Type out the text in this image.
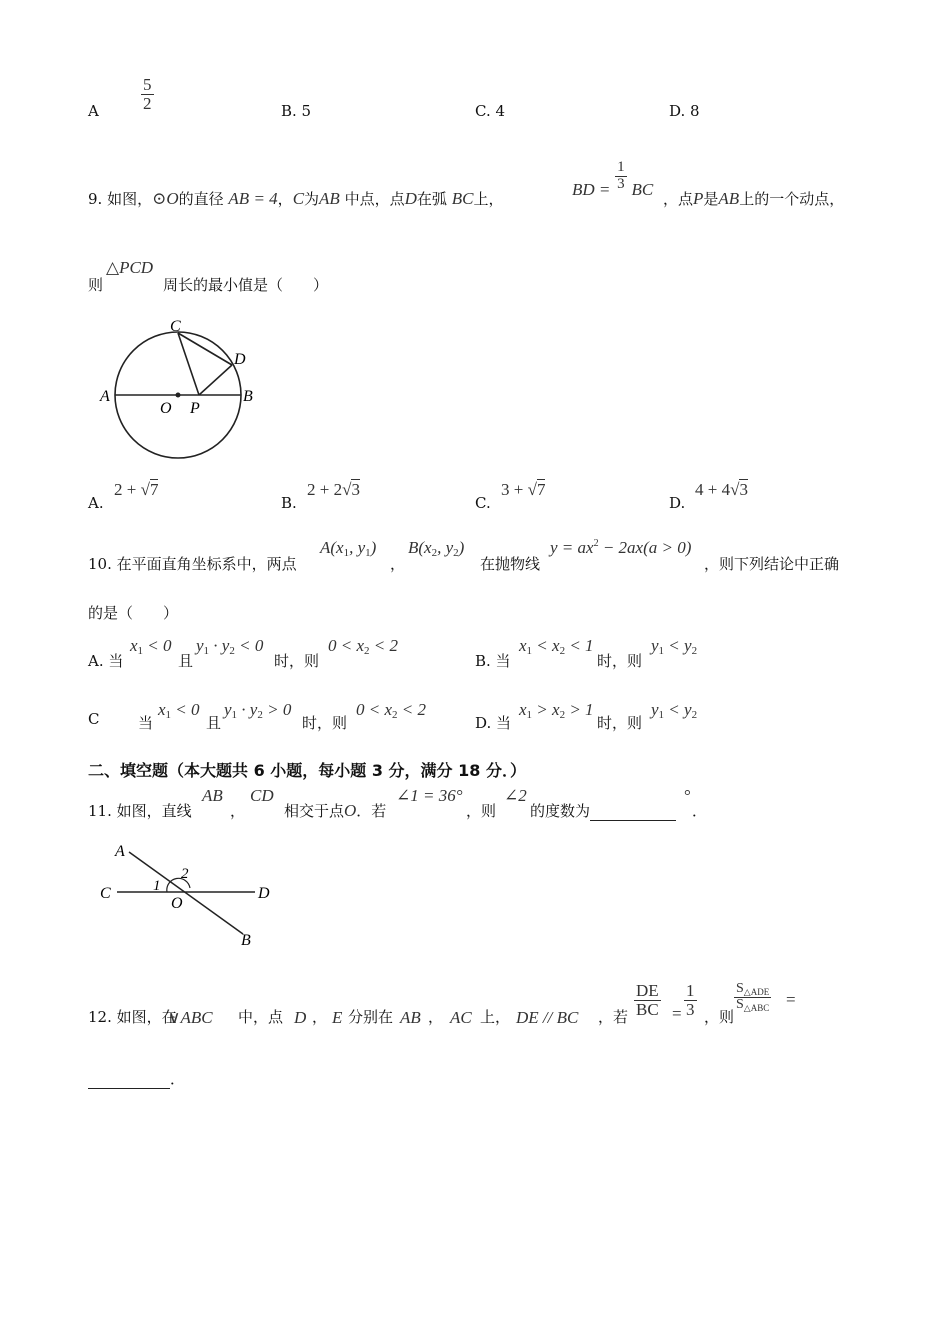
A $\frac{5}{2}$	B. 5	C. 4	D. 8
9. 如图，⊙O的直径 AB = 4，C为AB 中点，点D在弧 BC上，	BD = $\frac{1}{3}$ BC ，点P是AB上的一个动点，
则
△PCD
周长的最小值是（　　）
A	B
C
D
O P
A.
2 + √7
B.
2 + 2√3
C.
3 + √7
D.
4 + 4√3
10. 在平面直角坐标系中，两点
$A(x_1$, $y_1$)
，
$B(x_2$, $y_2$)
在抛物线
$y = ax^2 - 2ax(a > 0)$
，则下列结论中正确
的是（　　）
A. 当
$x_1 < 0$
且
$y_1 \cdot y_2 < 0$
时，则
$0 < x_2 < 2$
B. 当
$x_1 < x_2 < 1$
时，则
$y_1 < y_2$
C	当
$x_1 < 0$
且
$y_1 \cdot y_2 > 0$
时，则
$0 < x_2 < 2$
D. 当
$x_1 > x_2 > 1$
时，则
$y_1 < y_2$
二、填空题（本大题共 6 小题，每小题 3 分，满分 18 分．）
11. 如图，直线
AB
，
CD
相交于点O．若
∠1 = 36°
，则
∠2
的度数为
°
．
A
B
C	D
O
1
2
12. 如图，在
∨ABC 中，点 D ， E 分别在 AB ， AC 上， DE // BC ，若 $\frac{DE}{BC} = \frac{1}{3}$ ，则
$S_{\triangle ADE}$
$S_{\triangle ABC}$ =
．
